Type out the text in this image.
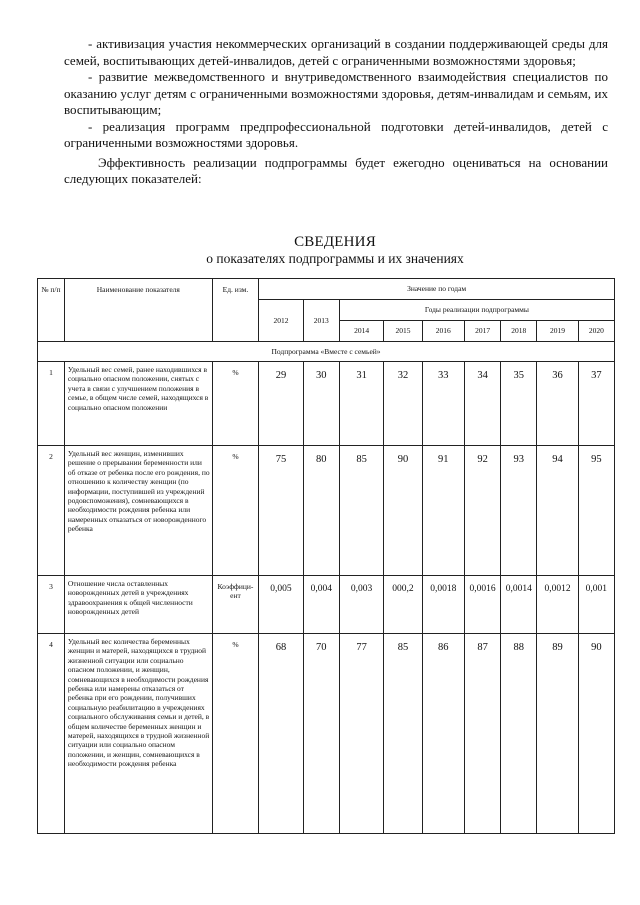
- активизация участия некоммерческих организаций в создании поддерживающей среды для семей, воспитывающих детей-инвалидов, детей с ограниченными возможностями здоровья;

- развитие межведомственного и внутриведомственного взаимодействия специалистов по оказанию услуг детям с ограниченными возможностями здоровья, детям-инвалидам и семьям, их воспитывающим;

- реализация программ предпрофессиональной подготовки детей-инвалидов, детей с ограниченными возможностями здоровья.

Эффективность реализации подпрограммы будет ежегодно оцениваться на основании следующих показателей:

СВЕДЕНИЯ
о показателях подпрограммы и их значениях
№ п/п	Наименование показателя	Ед. изм.	Значение по годам								
			2012	2013	Годы реализации подпрограммы						
					2014	2015	2016	2017	2018	2019	2020
Подпрограмма «Вместе с семьей»											
1	Удельный вес семей, ранее находившихся в социально опасном положении, снятых с учета в связи с улучшением положения в семье, в общем числе семей, находящихся в социально опасном положении	%	29	30	31	32	33	34	35	36	37
2	Удельный вес женщин, изменивших решение о прерывании беременности или об отказе от ребенка после его рождения, по отношению к количеству женщин (по информации, поступившей из учреждений родовспоможения), сомневающихся в необходимости рождения ребенка или намеренных отказаться от новорожденного ребенка	%	75	80	85	90	91	92	93	94	95
3	Отношение числа оставленных новорожденных детей в учреждениях здравоохранения к общей численности новорожденных детей	Коэффици-ент	0,005	0,004	0,003	000,2	0,0018	0,0016	0,0014	0,0012	0,001
4	Удельный вес количества беременных женщин и матерей, находящихся в трудной жизненной ситуации или социально опасном положении, и женщин, сомневающихся в необходимости рождения ребенка или намерены отказаться от ребенка при его рождении, получивших социальную реабилитацию в учреждениях социального обслуживания семьи и детей, в общем количестве беременных женщин и матерей, находящихся в трудной жизненной ситуации или социально опасном положении, и женщин, сомневающихся в необходимости рождения ребенка	%	68	70	77	85	86	87	88	89	90
